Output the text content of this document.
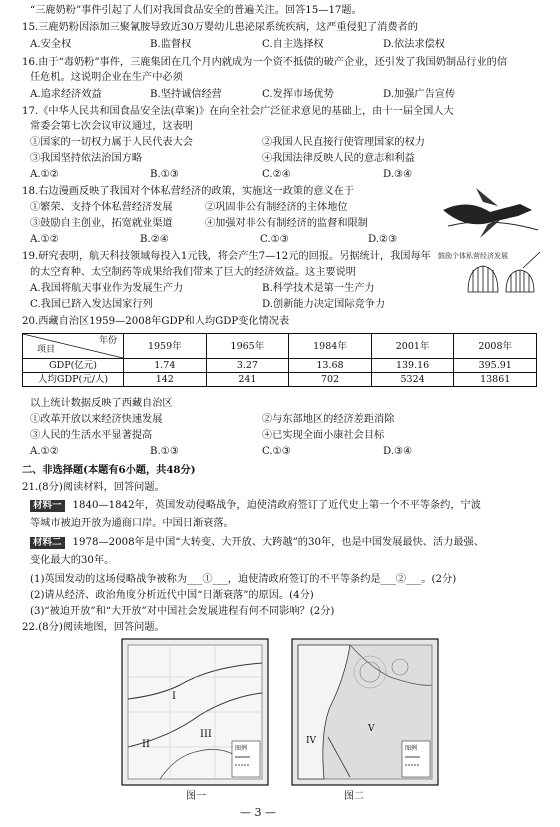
“三鹿奶粉”事件引起了人们对我国食品安全的普遍关注。回答15—17题。
15.三鹿奶粉因添加三聚氰胺导致近30万婴幼儿患泌尿系统疾病，这严重侵犯了消费者的
A.安全权	B.监督权	C.自主选择权	D.依法求偿权
16.由于“毒奶粉”事件，三鹿集团在几个月内就成为一个资不抵债的破产企业，还引发了我国奶制品行业的信
任危机。这说明企业在生产中必须
A.追求经济效益	B.坚持诚信经营	C.发挥市场优势	D.加强广告宣传
17.《中华人民共和国食品安全法(草案)》在向全社会广泛征求意见的基础上，由十一届全国人大
常委会第七次会议审议通过，这表明
①国家的一切权力属于人民代表大会	②我国人民直接行使管理国家的权力
③我国坚持依法治国方略	④我国法律反映人民的意志和利益
A.①②	B.①③	C.②④	D.③④
18.右边漫画反映了我国对个体私营经济的政策，实施这一政策的意义在于
①繁荣、支持个体私营经济发展	②巩固非公有制经济的主体地位
③鼓励自主创业，拓宽就业渠道	④加强对非公有制经济的监督和限制
A.①②	B.②④	C.①③	D.②③
鼓励个体私营经济发展
19.研究表明，航天科技领域每投入1元钱，将会产生7—12元的回报。另据统计，我国每年
的太空育种、太空制药等成果给我们带来了巨大的经济效益。这主要说明
A.我国将航天事业作为发展生产力	B.科学技术是第一生产力
C.我国已跻入发达国家行列	D.创新能力决定国际竞争力
20.西藏自治区1959—2008年GDP和人均GDP变化情况表
年份
项目	1959年	1965年	1984年	2001年	2008年
GDP(亿元)	1.74	3.27	13.68	139.16	395.91
人均GDP(元/人)	142	241	702	5324	13861
以上统计数据反映了西藏自治区
①改革开放以来经济快速发展	②与东部地区的经济差距消除
③人民的生活水平显著提高	④已实现全面小康社会目标
A.①②	B.①③	C.①③	D.③④
二、非选择题(本题有6小题，共48分)
21.(8分)阅读材料，回答问题。
材料一 1840—1842年，英国发动侵略战争，迫使清政府签订了近代史上第一个不平等条约，宁波
等城市被迫开放为通商口岸。中国日渐衰落。
材料二 1978—2008年是中国“大转变、大开放、大跨越”的30年，也是中国发展最快、活力最强、
变化最大的30年。
(1)英国发动的这场侵略战争被称为___①___，迫使清政府签订的不平等条约是___②___。(2分)
(2)请从经济、政治角度分析近代中国“日渐衰落”的原因。(4分)
(3)“被迫开放”和“大开放”对中国社会发展进程有何不同影响？(2分)
22.(8分)阅读地图，回答问题。
I
II
III
图例
图一
IV
V
图例
图二
— 3 —
